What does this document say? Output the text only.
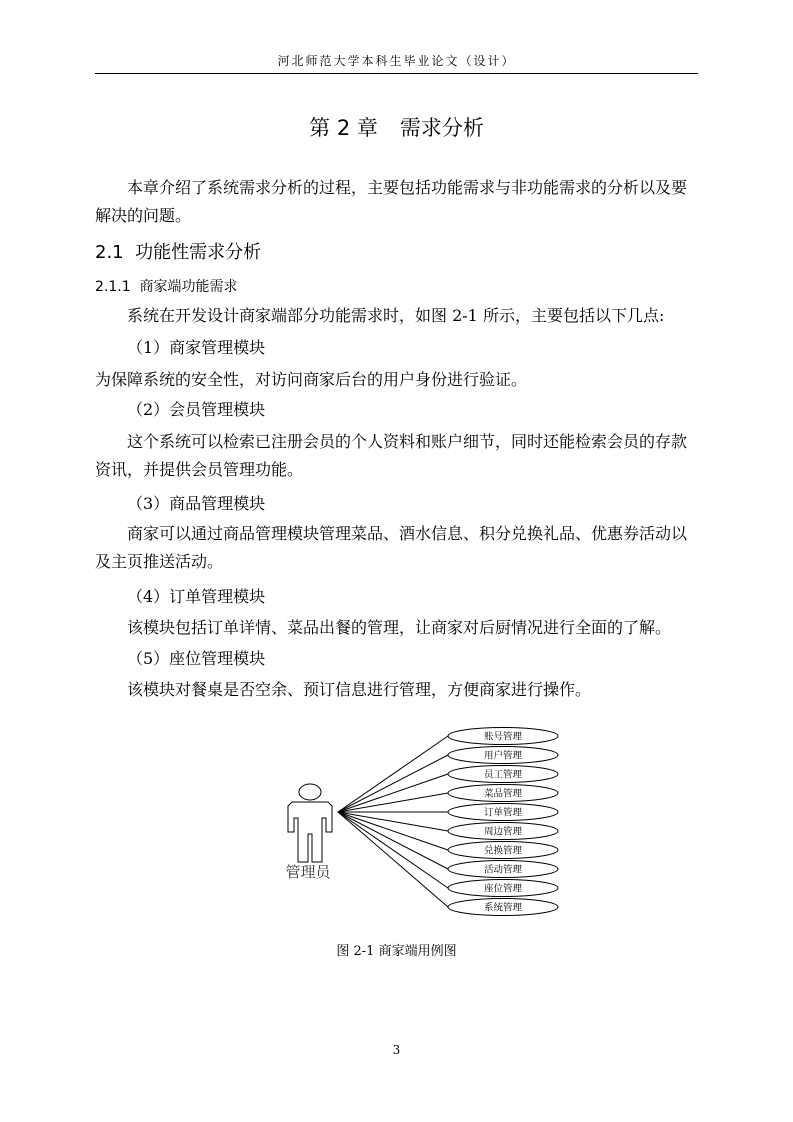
河北师范大学本科生毕业论文（设计）
第 2 章 需求分析
本章介绍了系统需求分析的过程，主要包括功能需求与非功能需求的分析以及要解决的问题。
2.1 功能性需求分析
2.1.1 商家端功能需求
系统在开发设计商家端部分功能需求时，如图 2-1 所示，主要包括以下几点:
（1）商家管理模块
为保障系统的安全性，对访问商家后台的用户身份进行验证。
（2）会员管理模块
这个系统可以检索已注册会员的个人资料和账户细节，同时还能检索会员的存款资讯，并提供会员管理功能。
（3）商品管理模块
商家可以通过商品管理模块管理菜品、酒水信息、积分兑换礼品、优惠券活动以及主页推送活动。
（4）订单管理模块
该模块包括订单详情、菜品出餐的管理，让商家对后厨情况进行全面的了解。
（5）座位管理模块
该模块对餐桌是否空余、预订信息进行管理，方便商家进行操作。
管理员
账号管理
用户管理
员工管理
菜品管理
订单管理
周边管理
兑换管理
活动管理
座位管理
系统管理
图 2-1 商家端用例图
3
